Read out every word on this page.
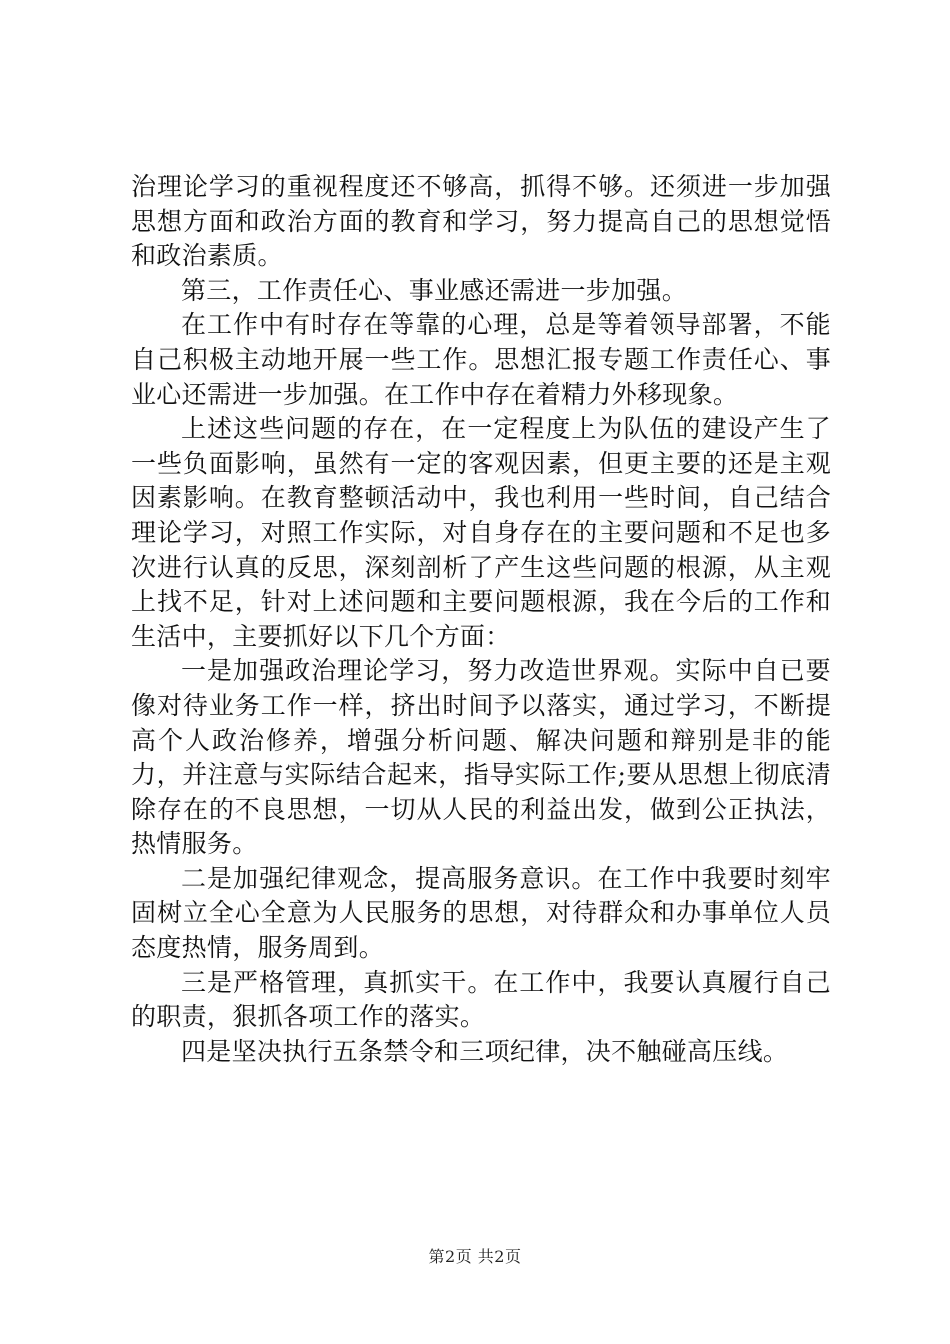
治理论学习的重视程度还不够高，抓得不够。还须进一步加强思想方面和政治方面的教育和学习，努力提高自己的思想觉悟和政治素质。

第三，工作责任心、事业感还需进一步加强。

在工作中有时存在等靠的心理，总是等着领导部署，不能自己积极主动地开展一些工作。思想汇报专题工作责任心、事业心还需进一步加强。在工作中存在着精力外移现象。

上述这些问题的存在，在一定程度上为队伍的建设产生了一些负面影响，虽然有一定的客观因素，但更主要的还是主观因素影响。在教育整顿活动中，我也利用一些时间，自己结合理论学习，对照工作实际，对自身存在的主要问题和不足也多次进行认真的反思，深刻剖析了产生这些问题的根源，从主观上找不足，针对上述问题和主要问题根源，我在今后的工作和生活中，主要抓好以下几个方面：

一是加强政治理论学习，努力改造世界观。实际中自已要像对待业务工作一样，挤出时间予以落实，通过学习，不断提高个人政治修养，增强分析问题、解决问题和辩别是非的能力，并注意与实际结合起来，指导实际工作;要从思想上彻底清除存在的不良思想，一切从人民的利益出发，做到公正执法，热情服务。

二是加强纪律观念，提高服务意识。在工作中我要时刻牢固树立全心全意为人民服务的思想，对待群众和办事单位人员态度热情，服务周到。

三是严格管理，真抓实干。在工作中，我要认真履行自己的职责，狠抓各项工作的落实。

四是坚决执行五条禁令和三项纪律，决不触碰高压线。

第2页 共2页
